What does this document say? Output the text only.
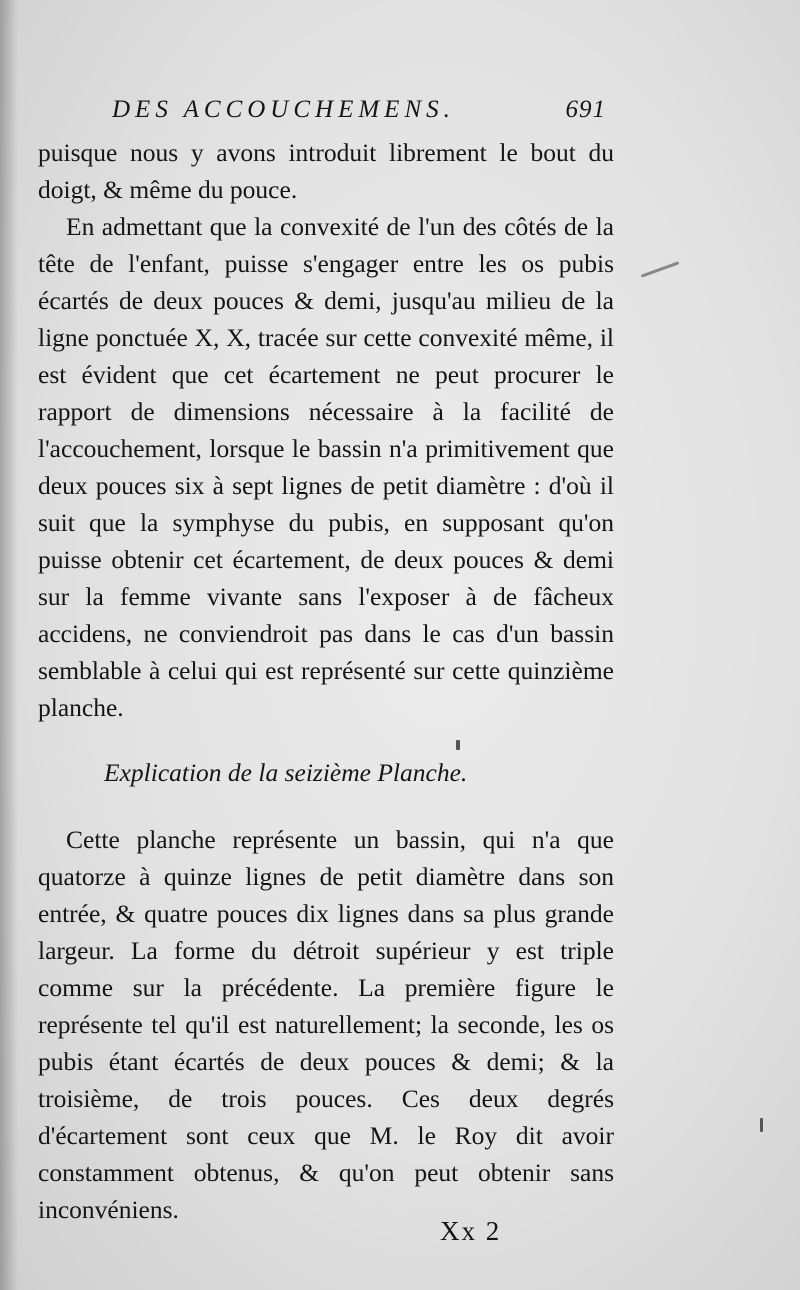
DES ACCOUCHEMENS.	691

puisque nous y avons introduit librement le bout du doigt, & même du pouce.

En admettant que la convexité de l'un des côtés de la tête de l'enfant, puisse s'engager entre les os pubis écartés de deux pouces & demi, jusqu'au milieu de la ligne ponctuée X, X, tracée sur cette convexité même, il est évident que cet écartement ne peut procurer le rapport de dimensions nécessaire à la facilité de l'accouchement, lorsque le bassin n'a primitivement que deux pouces six à sept lignes de petit diamètre : d'où il suit que la symphyse du pubis, en supposant qu'on puisse obtenir cet écartement, de deux pouces & demi sur la femme vivante sans l'exposer à de fâcheux accidens, ne conviendroit pas dans le cas d'un bassin semblable à celui qui est représenté sur cette quinzième planche.

Explication de la seizième Planche.

Cette planche représente un bassin, qui n'a que quatorze à quinze lignes de petit diamètre dans son entrée, & quatre pouces dix lignes dans sa plus grande largeur. La forme du détroit supérieur y est triple comme sur la précédente. La première figure le représente tel qu'il est naturellement; la seconde, les os pubis étant écartés de deux pouces & demi; & la troisième, de trois pouces. Ces deux degrés d'écartement sont ceux que M. le Roy dit avoir constamment obtenus, & qu'on peut obtenir sans inconvéniens.

Xx 2
